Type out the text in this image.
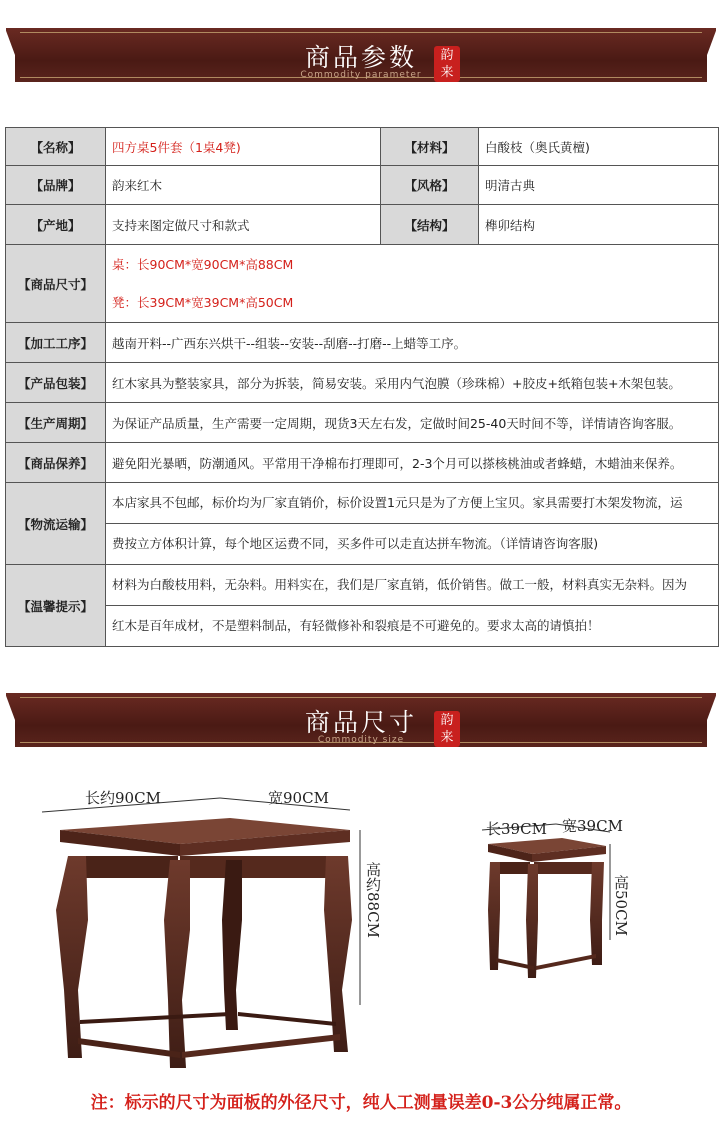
商品参数
Commodity parameter
韵
来
【名称】	四方桌5件套（1桌4凳)	【材料】	白酸枝（奥氏黄檀)
【品牌】	韵来红木	【风格】	明清古典
【产地】	支持来图定做尺寸和款式	【结构】	榫卯结构
【商品尺寸】	桌：长90CM*宽90CM*高88CM
凳：长39CM*宽39CM*高50CM		

【加工工序】	越南开料--广西东兴烘干--组装--安装--刮磨--打磨--上蜡等工序。		
【产品包装】	红木家具为整装家具，部分为拆装，简易安装。采用内气泡膜（珍珠棉）+胶皮+纸箱包装+木架包装。		
【生产周期】	为保证产品质量，生产需要一定周期，现货3天左右发，定做时间25-40天时间不等，详情请咨询客服。		
【商品保养】	避免阳光暴晒，防潮通风。平常用干净棉布打理即可，2-3个月可以搽核桃油或者蜂蜡，木蜡油来保养。		
【物流运输】	本店家具不包邮，标价均为厂家直销价，标价设置1元只是为了方便上宝贝。家具需要打木架发物流，运
费按立方体积计算，每个地区运费不同，买多件可以走直达拼车物流。（详情请咨询客服)		

【温馨提示】	材料为白酸枝用料，无杂料。用料实在，我们是厂家直销，低价销售。做工一般，材料真实无杂料。因为
红木是百年成材，不是塑料制品，有轻微修补和裂痕是不可避免的。要求太高的请慎拍！		
商品尺寸
Commodity size
韵
来
长约90CM	宽90CM
高约88CM
长39CM 宽39CM
高50CM
注：标示的尺寸为面板的外径尺寸，纯人工测量误差0-3公分纯属正常。
